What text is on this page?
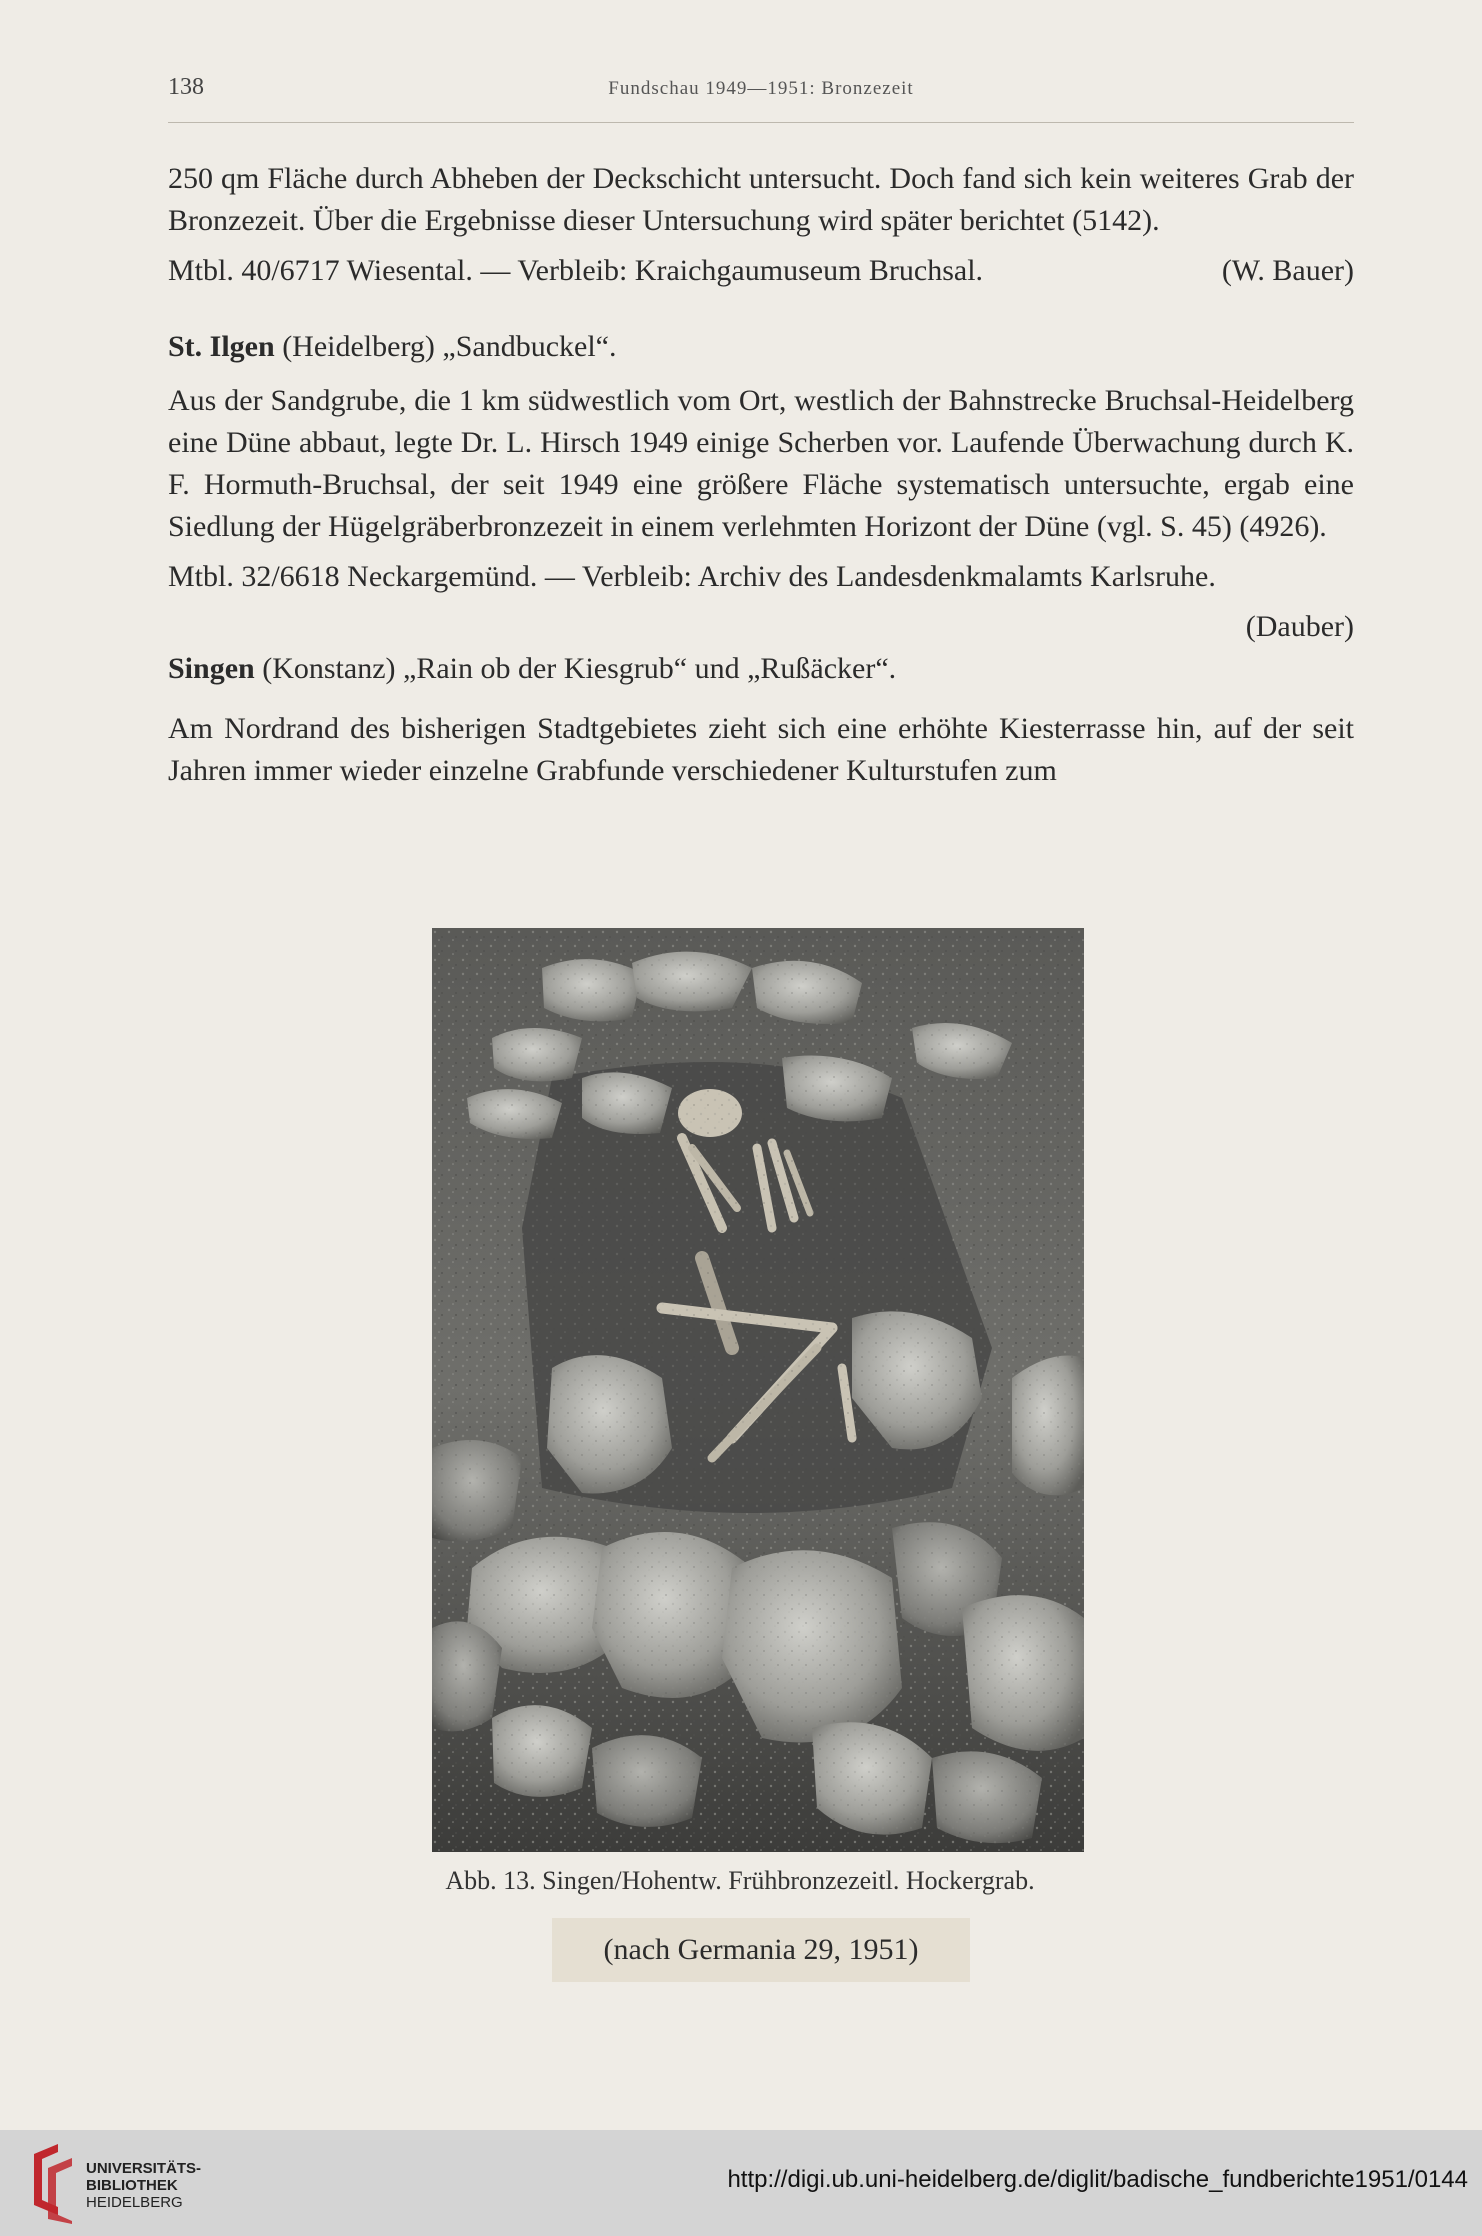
138	Fundschau 1949—1951: Bronzezeit

250 qm Fläche durch Abheben der Deckschicht untersucht. Doch fand sich kein weiteres Grab der Bronzezeit. Über die Ergebnisse dieser Untersuchung wird später berichtet (5142).

Mtbl. 40/6717 Wiesental. — Verbleib: Kraichgaumuseum Bruchsal.	(W. Bauer)

St. Ilgen (Heidelberg) „Sandbuckel“.

Aus der Sandgrube, die 1 km südwestlich vom Ort, westlich der Bahnstrecke Bruchsal-Heidelberg eine Düne abbaut, legte Dr. L. Hirsch 1949 einige Scherben vor. Laufende Überwachung durch K. F. Hormuth-Bruchsal, der seit 1949 eine größere Fläche systematisch untersuchte, ergab eine Siedlung der Hügelgräberbronzezeit in einem verlehmten Horizont der Düne (vgl. S. 45) (4926).

Mtbl. 32/6618 Neckargemünd. — Verbleib: Archiv des Landesdenkmalamts Karlsruhe.

(Dauber)

Singen (Konstanz) „Rain ob der Kiesgrub“ und „Rußäcker“.

Am Nordrand des bisherigen Stadtgebietes zieht sich eine erhöhte Kiesterrasse hin, auf der seit Jahren immer wieder einzelne Grabfunde verschiedener Kulturstufen zum

Abb. 13. Singen/Hohentw. Frühbronzezeitl. Hockergrab.
(nach Germania 29, 1951)
UNIVERSITÄTS-
BIBLIOTHEK
HEIDELBERG
http://digi.ub.uni-heidelberg.de/diglit/badische_fundberichte1951/0144
